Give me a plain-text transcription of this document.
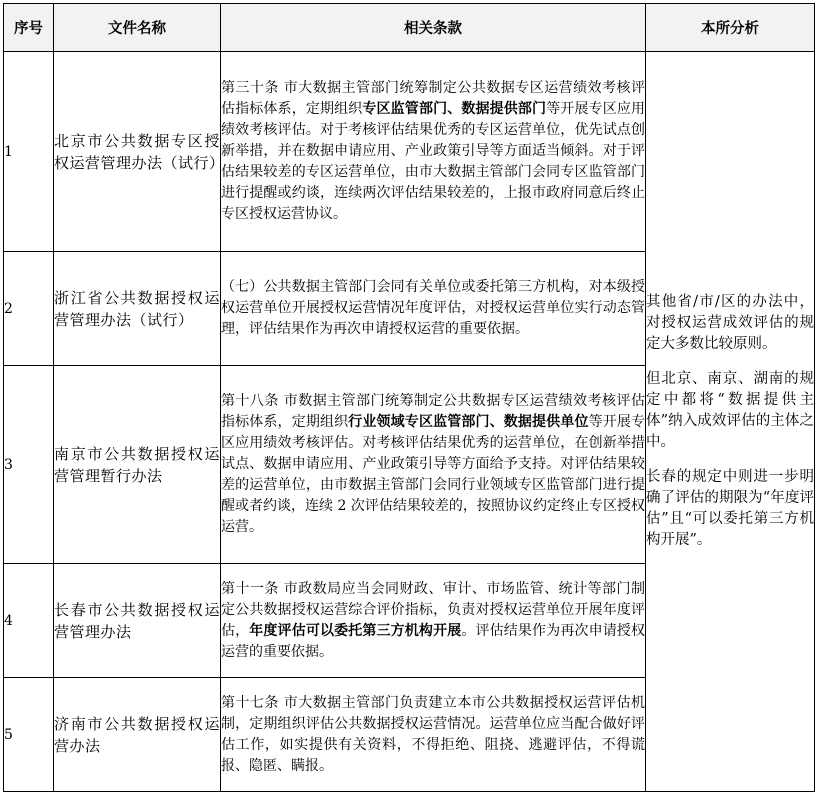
序号	文件名称	相关条款	本所分析
1	北京市公共数据专区授权运营管理办法（试行）	第三十条 市大数据主管部门统筹制定公共数据专区运营绩效考核评估指标体系，定期组织专区监管部门、数据提供部门等开展专区应用绩效考核评估。对于考核评估结果优秀的专区运营单位，优先试点创新举措，并在数据申请应用、产业政策引导等方面适当倾斜。对于评估结果较差的专区运营单位，由市大数据主管部门会同专区监管部门进行提醒或约谈，连续两次评估结果较差的，上报市政府同意后终止专区授权运营协议。	其他省/市/区的办法中，对授权运营成效评估的规定大多数比较原则。

但北京、南京、湖南的规定中都将“数据提供主体”纳入成效评估的主体之中。

长春的规定中则进一步明确了评估的期限为“年度评估”且“可以委托第三方机构开展”。

2	浙江省公共数据授权运营管理办法（试行）	（七）公共数据主管部门会同有关单位或委托第三方机构，对本级授权运营单位开展授权运营情况年度评估，对授权运营单位实行动态管理，评估结果作为再次申请授权运营的重要依据。	
3	南京市公共数据授权运营管理暂行办法	第十八条 市数据主管部门统筹制定公共数据专区运营绩效考核评估指标体系，定期组织行业领域专区监管部门、数据提供单位等开展专区应用绩效考核评估。对考核评估结果优秀的运营单位，在创新举措试点、数据申请应用、产业政策引导等方面给予支持。对评估结果较差的运营单位，由市数据主管部门会同行业领域专区监管部门进行提醒或者约谈，连续 2 次评估结果较差的，按照协议约定终止专区授权运营。	
4	长春市公共数据授权运营管理办法	第十一条 市政数局应当会同财政、审计、市场监管、统计等部门制定公共数据授权运营综合评价指标，负责对授权运营单位开展年度评估，年度评估可以委托第三方机构开展。评估结果作为再次申请授权运营的重要依据。	
5	济南市公共数据授权运营办法	第十七条 市大数据主管部门负责建立本市公共数据授权运营评估机制，定期组织评估公共数据授权运营情况。运营单位应当配合做好评估工作，如实提供有关资料，不得拒绝、阻挠、逃避评估，不得谎报、隐匿、瞒报。	
